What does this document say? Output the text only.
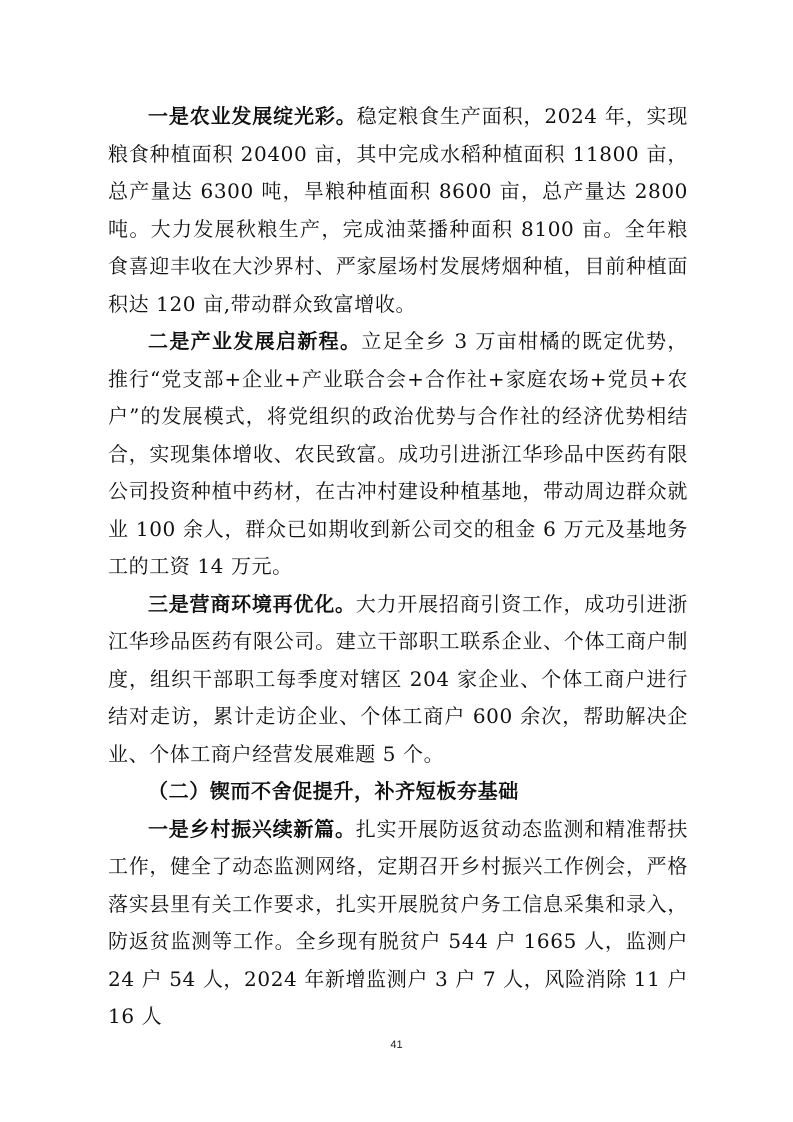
一是农业发展绽光彩。稳定粮食生产面积，2024 年，实现粮食种植面积 20400 亩，其中完成水稻种植面积 11800 亩，总产量达 6300 吨，旱粮种植面积 8600 亩，总产量达 2800 吨。大力发展秋粮生产，完成油菜播种面积 8100 亩。全年粮食喜迎丰收在大沙界村、严家屋场村发展烤烟种植，目前种植面积达 120 亩,带动群众致富增收。

二是产业发展启新程。立足全乡 3 万亩柑橘的既定优势，推行“党支部+企业+产业联合会+合作社+家庭农场+党员+农户”的发展模式，将党组织的政治优势与合作社的经济优势相结合，实现集体增收、农民致富。成功引进浙江华珍品中医药有限公司投资种植中药材，在古冲村建设种植基地，带动周边群众就业 100 余人，群众已如期收到新公司交的租金 6 万元及基地务工的工资 14 万元。

三是营商环境再优化。大力开展招商引资工作，成功引进浙江华珍品医药有限公司。建立干部职工联系企业、个体工商户制度，组织干部职工每季度对辖区 204 家企业、个体工商户进行结对走访，累计走访企业、个体工商户 600 余次，帮助解决企业、个体工商户经营发展难题 5 个。

（二）锲而不舍促提升，补齐短板夯基础

一是乡村振兴续新篇。扎实开展防返贫动态监测和精准帮扶工作，健全了动态监测网络，定期召开乡村振兴工作例会，严格落实县里有关工作要求，扎实开展脱贫户务工信息采集和录入，防返贫监测等工作。全乡现有脱贫户 544 户 1665 人，监测户 24 户 54 人，2024 年新增监测户 3 户 7 人，风险消除 11 户 16 人

41
